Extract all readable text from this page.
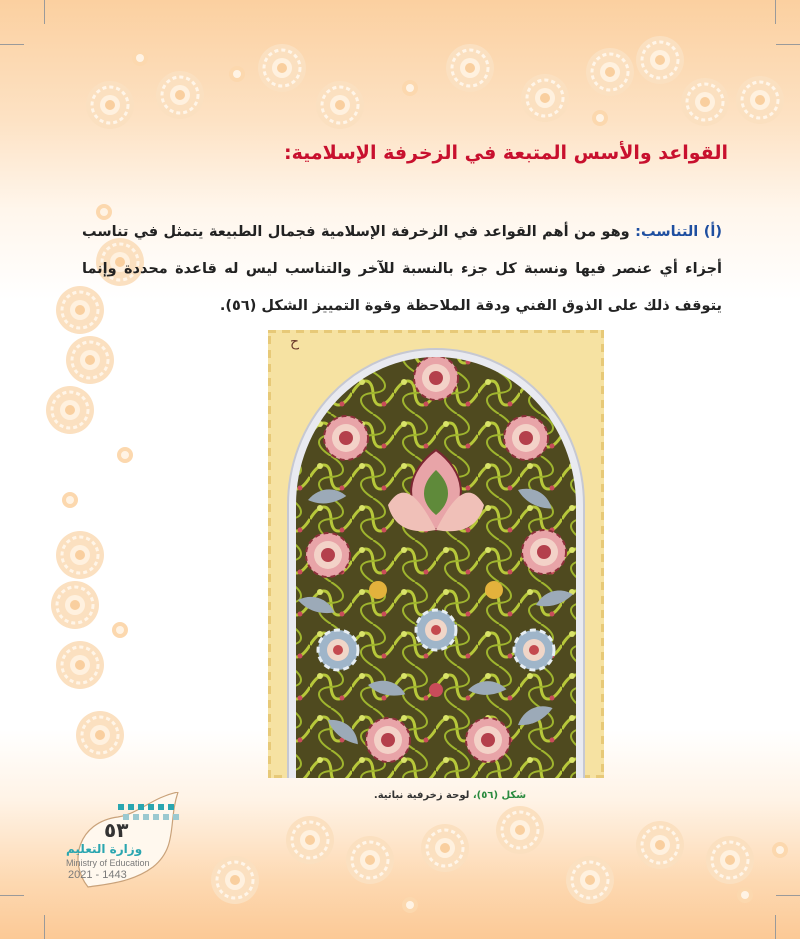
القواعد والأسس المتبعة في الزخرفة الإسلامية:

(أ) التناسب: وهو من أهم القواعد في الزخرفة الإسلامية فجمال الطبيعة يتمثل في تناسب أجزاء أي عنصر فيها ونسبة كل جزء بالنسبة للآخر والتناسب ليس له قاعدة محددة وإنما يتوقف ذلك على الذوق الفني ودقة الملاحظة وقوة التمييز الشكل (٥٦).

ح
شكل (٥٦)، لوحة زخرفية نباتية.
٥٣
وزارة التعليم
Ministry of Education
2021 - 1443
